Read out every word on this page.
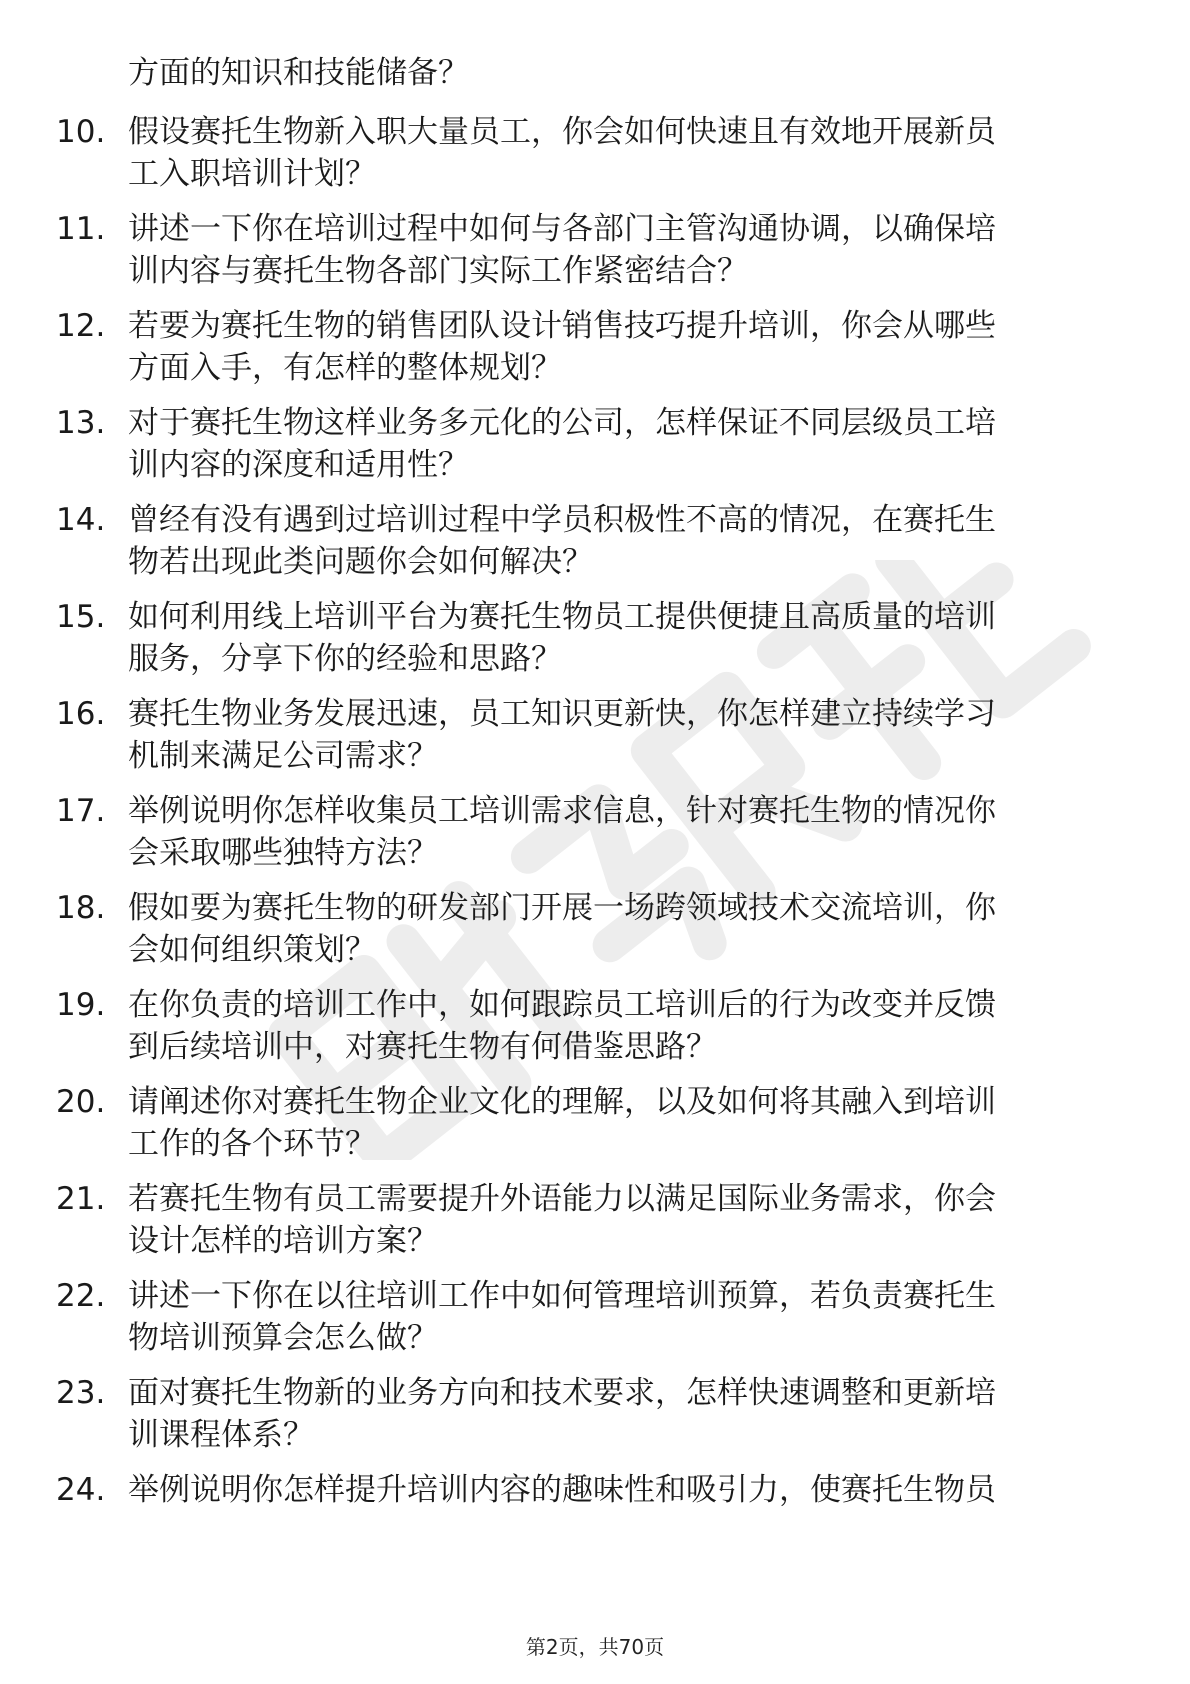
方面的知识和技能储备？
10. 假设赛托生物新入职大量员工，你会如何快速且有效地开展新员
工入职培训计划？
11. 讲述一下你在培训过程中如何与各部门主管沟通协调，以确保培
训内容与赛托生物各部门实际工作紧密结合？
12. 若要为赛托生物的销售团队设计销售技巧提升培训，你会从哪些
方面入手，有怎样的整体规划？
13. 对于赛托生物这样业务多元化的公司，怎样保证不同层级员工培
训内容的深度和适用性？
14. 曾经有没有遇到过培训过程中学员积极性不高的情况，在赛托生
物若出现此类问题你会如何解决？
15. 如何利用线上培训平台为赛托生物员工提供便捷且高质量的培训
服务，分享下你的经验和思路？
16. 赛托生物业务发展迅速，员工知识更新快，你怎样建立持续学习
机制来满足公司需求？
17. 举例说明你怎样收集员工培训需求信息，针对赛托生物的情况你
会采取哪些独特方法？
18. 假如要为赛托生物的研发部门开展一场跨领域技术交流培训，你
会如何组织策划？
19. 在你负责的培训工作中，如何跟踪员工培训后的行为改变并反馈
到后续培训中，对赛托生物有何借鉴思路？
20. 请阐述你对赛托生物企业文化的理解，以及如何将其融入到培训
工作的各个环节？
21. 若赛托生物有员工需要提升外语能力以满足国际业务需求，你会
设计怎样的培训方案？
22. 讲述一下你在以往培训工作中如何管理培训预算，若负责赛托生
物培训预算会怎么做？
23. 面对赛托生物新的业务方向和技术要求，怎样快速调整和更新培
训课程体系？
24. 举例说明你怎样提升培训内容的趣味性和吸引力，使赛托生物员
第2页，共70页
